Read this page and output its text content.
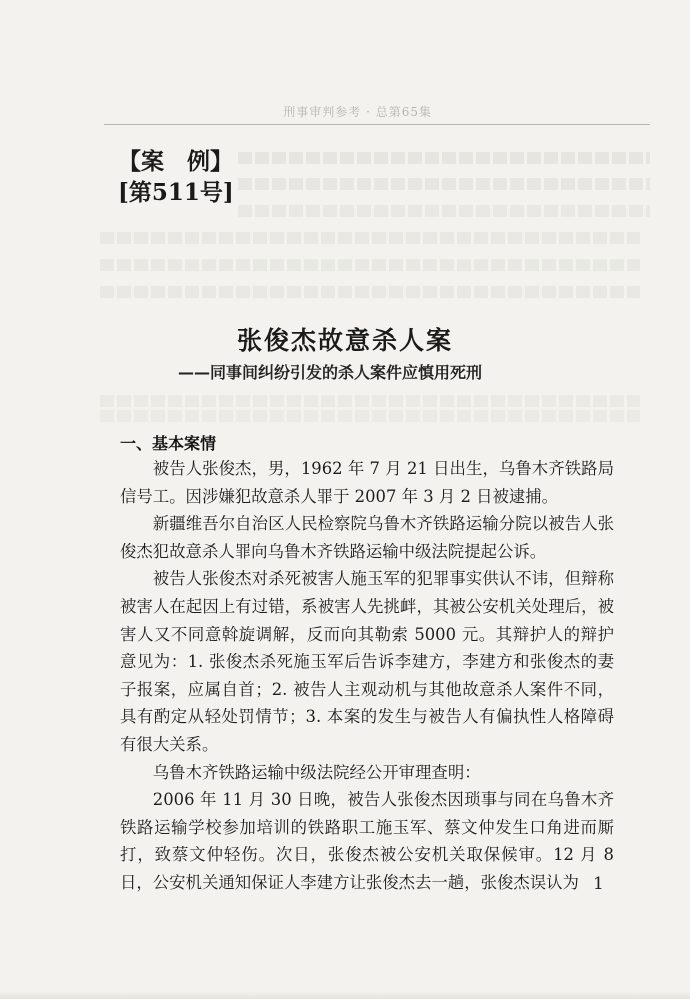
刑事审判参考 · 总第65集
【案　例】
[第511号]
张俊杰故意杀人案
——同事间纠纷引发的杀人案件应慎用死刑
一、基本案情

被告人张俊杰，男，1962 年 7 月 21 日出生，乌鲁木齐铁路局信号工。因涉嫌犯故意杀人罪于 2007 年 3 月 2 日被逮捕。

新疆维吾尔自治区人民检察院乌鲁木齐铁路运输分院以被告人张俊杰犯故意杀人罪向乌鲁木齐铁路运输中级法院提起公诉。

被告人张俊杰对杀死被害人施玉军的犯罪事实供认不讳，但辩称被害人在起因上有过错，系被害人先挑衅，其被公安机关处理后，被害人又不同意斡旋调解，反而向其勒索 5000 元。其辩护人的辩护意见为：1. 张俊杰杀死施玉军后告诉李建方，李建方和张俊杰的妻子报案，应属自首；2. 被告人主观动机与其他故意杀人案件不同，具有酌定从轻处罚情节；3. 本案的发生与被告人有偏执性人格障碍有很大关系。

乌鲁木齐铁路运输中级法院经公开审理查明：

2006 年 11 月 30 日晚，被告人张俊杰因琐事与同在乌鲁木齐铁路运输学校参加培训的铁路职工施玉军、蔡文仲发生口角进而厮打，致蔡文仲轻伤。次日，张俊杰被公安机关取保候审。12 月 8 日，公安机关通知保证人李建方让张俊杰去一趟，张俊杰误认为 1
